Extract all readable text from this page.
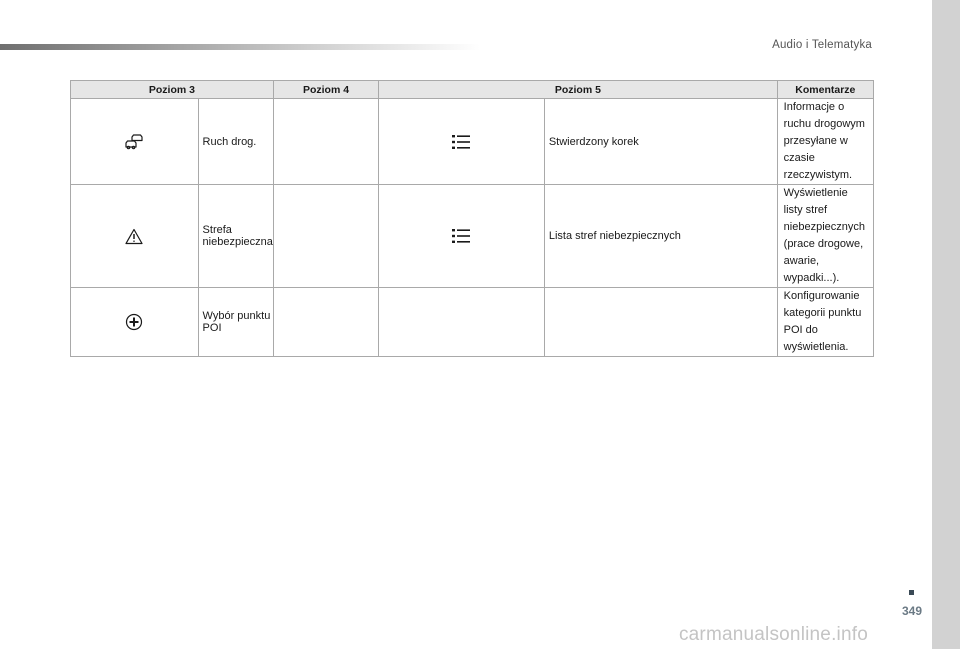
Audio i Telematyka
Poziom 3		Poziom 4	Poziom 5		Komentarze

	Ruch drog.			Stwierdzony korek	Informacje o ruchu drogowym przesyłane w czasie rzeczywistym.

	Strefa niebezpieczna			Lista stref niebezpiecznych	Wyświetlenie listy stref niebezpiecznych (prace drogowe, awarie, wypadki...).

	Wybór punktu POI				Konfigurowanie kategorii punktu POI do wyświetlenia.
349
carmanualsonline.info
